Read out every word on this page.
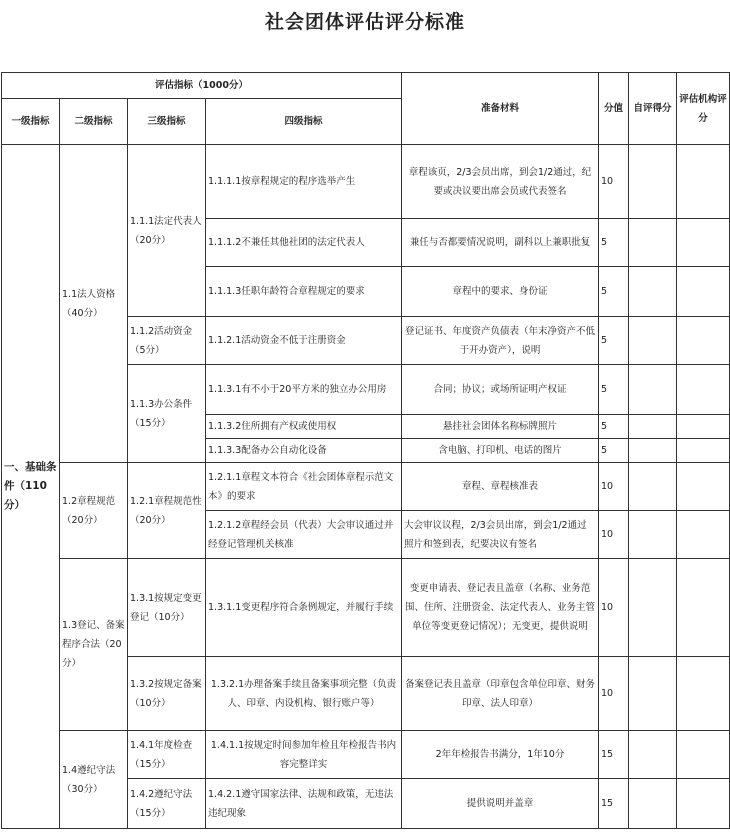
社会团体评估评分标准
评估指标（1000分）				准备材料	分值	自评得分	评估机构评分
一级指标	二级指标	三级指标	四级指标				
一、基础条件（110分）	1.1法人资格（40分）	1.1.1法定代表人（20分）	1.1.1.1按章程规定的程序选举产生	章程该页，2/3会员出席，到会1/2通过，纪要或决议要出席会员或代表签名	10		
			1.1.1.2不兼任其他社团的法定代表人	兼任与否都要情况说明，副科以上兼职批复	5		
			1.1.1.3任职年龄符合章程规定的要求	章程中的要求、身份证	5		
		1.1.2活动资金（5分）	1.1.2.1活动资金不低于注册资金	登记证书、年度资产负债表（年末净资产不低于开办资产），说明	5		
		1.1.3办公条件（15分）	1.1.3.1有不小于20平方米的独立办公用房	合同；协议；或场所证明产权证	5		
			1.1.3.2住所拥有产权或使用权	悬挂社会团体名称标牌照片	5		
			1.1.3.3配备办公自动化设备	含电脑、打印机、电话的图片	5		
	1.2章程规范（20分）	1.2.1章程规范性（20分）	1.2.1.1章程文本符合《社会团体章程示范文本》的要求	章程、章程核准表	10		
			1.2.1.2章程经会员（代表）大会审议通过并经登记管理机关核准	大会审议议程，2/3会员出席，到会1/2通过照片和签到表，纪要决议有签名	10		
	1.3登记、备案程序合法（20分）	1.3.1按规定变更登记（10分）	1.3.1.1变更程序符合条例规定，并履行手续	变更申请表、登记表且盖章（名称、业务范围、住所、注册资金、法定代表人、业务主管单位等变更登记情况）；无变更，提供说明	10		
		1.3.2按规定备案（10分）	1.3.2.1办理备案手续且备案事项完整（负责人、印章、内设机构、银行账户等）	备案登记表且盖章（印章包含单位印章、财务印章、法人印章）	10		
	1.4遵纪守法（30分）	1.4.1年度检查（15分）	1.4.1.1按规定时间参加年检且年检报告书内容完整详实	2年年检报告书满分，1年10分	15		
		1.4.2遵纪守法（15分）	1.4.2.1遵守国家法律、法规和政策，无违法违纪现象	提供说明并盖章	15		
